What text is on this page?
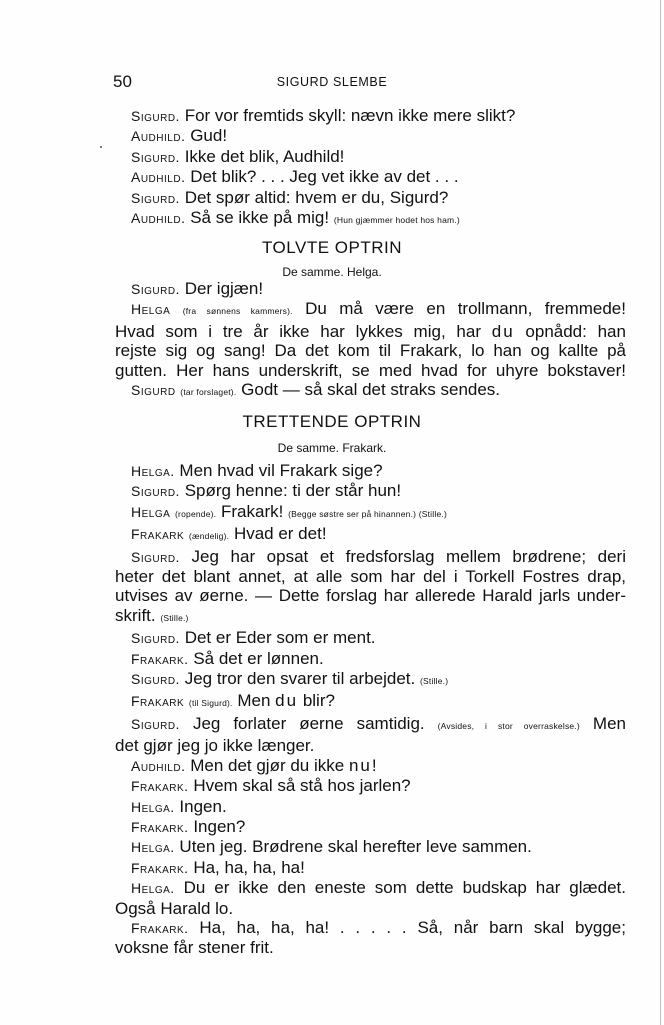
50	SIGURD SLEMBE
Sigurd. For vor fremtids skyll: nævn ikke mere slikt?
Audhild. Gud!
Sigurd. Ikke det blik, Audhild!
Audhild. Det blik? . . . Jeg vet ikke av det . . .
Sigurd. Det spør altid: hvem er du, Sigurd?
Audhild. Så se ikke på mig! (Hun gjæmmer hodet hos ham.)
TOLVTE OPTRIN
De samme. Helga.
Sigurd. Der igjæn!
Helga (fra sønnens kammers). Du må være en trollmann, fremmede!
Hvad som i tre år ikke har lykkes mig, har du opnådd: han
rejste sig og sang! Da det kom til Frakark, lo han og kallte på
gutten. Her hans underskrift, se med hvad for uhyre bokstaver!
Sigurd (tar forslaget). Godt — så skal det straks sendes.
TRETTENDE OPTRIN
De samme. Frakark.
Helga. Men hvad vil Frakark sige?
Sigurd. Spørg henne: ti der står hun!
Helga (ropende). Frakark! (Begge søstre ser på hinannen.) (Stille.)
Frakark (ændelig). Hvad er det!
Sigurd. Jeg har opsat et fredsforslag mellem brødrene; deri
heter det blant annet, at alle som har del i Torkell Fostres drap,
utvises av øerne. — Dette forslag har allerede Harald jarls under-
skrift. (Stille.)
Sigurd. Det er Eder som er ment.
Frakark. Så det er lønnen.
Sigurd. Jeg tror den svarer til arbejdet. (Stille.)
Frakark (til Sigurd). Men du blir?
Sigurd. Jeg forlater øerne samtidig. (Avsides, i stor overraskelse.) Men
det gjør jeg jo ikke længer.
Audhild. Men det gjør du ikke nu!
Frakark. Hvem skal så stå hos jarlen?
Helga. Ingen.
Frakark. Ingen?
Helga. Uten jeg. Brødrene skal herefter leve sammen.
Frakark. Ha, ha, ha, ha!
Helga. Du er ikke den eneste som dette budskap har glædet.
Også Harald lo.
Frakark. Ha, ha, ha, ha! . . . . . Så, når barn skal bygge;
voksne får stener frit.
